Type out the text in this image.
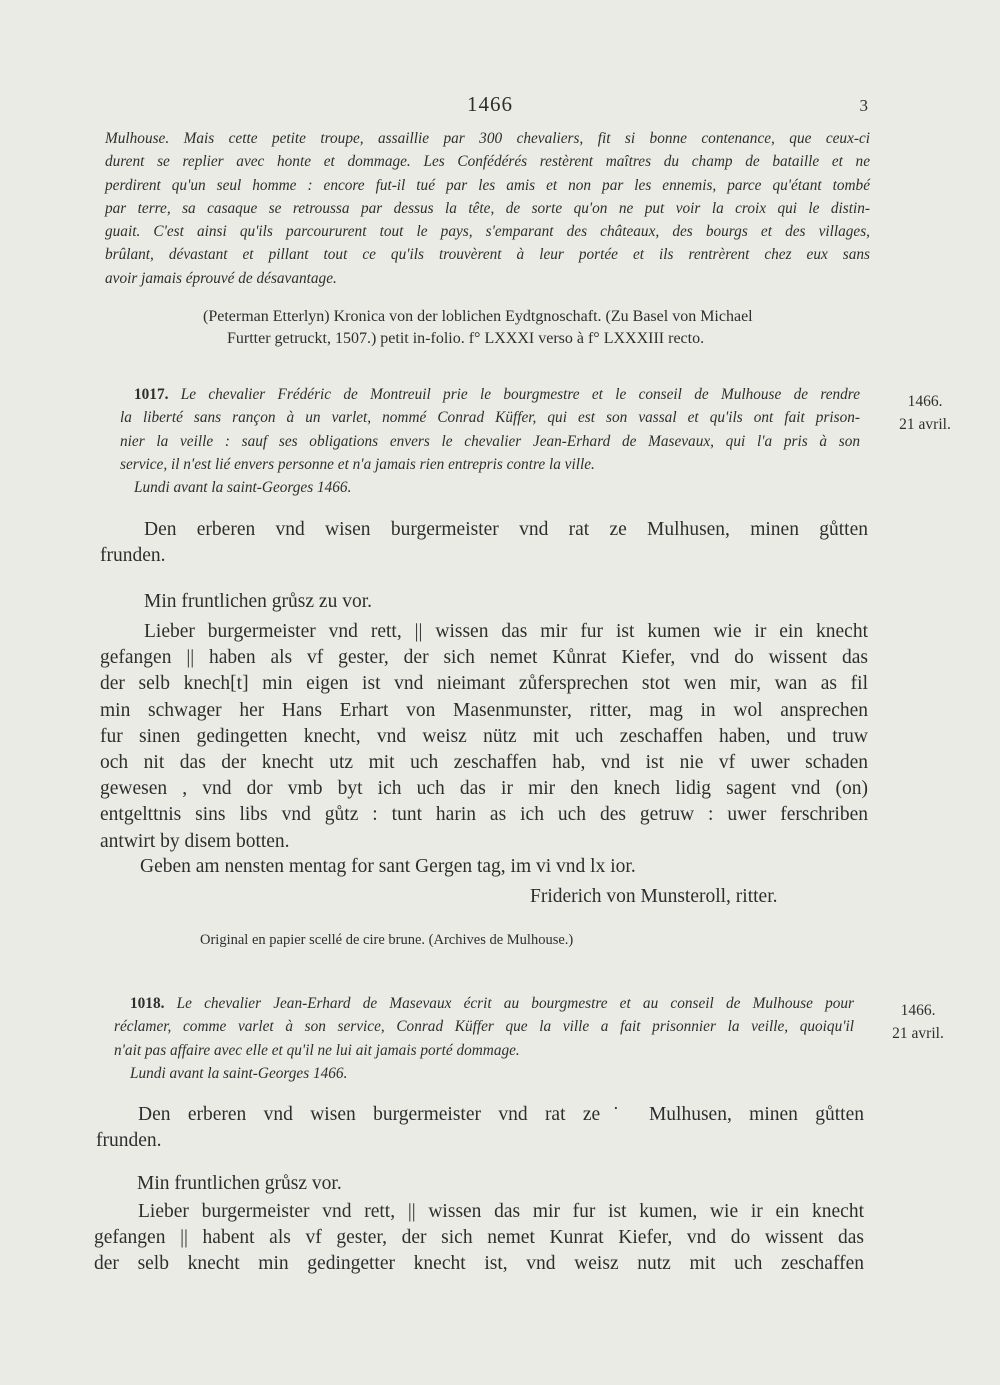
1466	3
Mulhouse. Mais cette petite troupe, assaillie par 300 chevaliers, fit si bonne contenance, que ceux-ci
durent se replier avec honte et dommage. Les Confédérés restèrent maîtres du champ de bataille et ne
perdirent qu'un seul homme : encore fut-il tué par les amis et non par les ennemis, parce qu'étant tombé
par terre, sa casaque se retroussa par dessus la tête, de sorte qu'on ne put voir la croix qui le distin-
guait. C'est ainsi qu'ils parcoururent tout le pays, s'emparant des châteaux, des bourgs et des villages,
brûlant, dévastant et pillant tout ce qu'ils trouvèrent à leur portée et ils rentrèrent chez eux sans
avoir jamais éprouvé de désavantage.
(Peterman Etterlyn) Kronica von der loblichen Eydtgnoschaft. (Zu Basel von Michael
Furtter getruckt, 1507.) petit in-folio. f° LXXXI verso à f° LXXXIII recto.
1017. Le chevalier Frédéric de Montreuil prie le bourgmestre et le conseil de Mulhouse de rendre
la liberté sans rançon à un varlet, nommé Conrad Küffer, qui est son vassal et qu'ils ont fait prison-
nier la veille : sauf ses obligations envers le chevalier Jean-Erhard de Masevaux, qui l'a pris à son
service, il n'est lié envers personne et n'a jamais rien entrepris contre la ville.
Lundi avant la saint-Georges 1466.
1466.
21 avril.
Den erberen vnd wisen burgermeister vnd rat ze Mulhusen, minen gůtten
frunden.
Min fruntlichen grůsz zu vor.
Lieber burgermeister vnd rett, || wissen das mir fur ist kumen wie ir ein knecht
gefangen || haben als vf gester, der sich nemet Kůnrat Kiefer, vnd do wissent das
der selb knech[t] min eigen ist vnd nieimant zůfersprechen stot wen mir, wan as fil
min schwager her Hans Erhart von Masenmunster, ritter, mag in wol ansprechen
fur sinen gedingetten knecht, vnd weisz nütz mit uch zeschaffen haben, und truw
och nit das der knecht utz mit uch zeschaffen hab, vnd ist nie vf uwer schaden
gewesen , vnd dor vmb byt ich uch das ir mir den knech lidig sagent vnd (on)
entgelttnis sins libs vnd gůtz : tunt harin as ich uch des getruw : uwer ferschriben
antwirt by disem botten.
Geben am nensten mentag for sant Gergen tag, im vi vnd lx ior.
Friderich von Munsteroll, ritter.
Original en papier scellé de cire brune. (Archives de Mulhouse.)
1018. Le chevalier Jean-Erhard de Masevaux écrit au bourgmestre et au conseil de Mulhouse pour
réclamer, comme varlet à son service, Conrad Küffer que la ville a fait prisonnier la veille, quoiqu'il
n'ait pas affaire avec elle et qu'il ne lui ait jamais porté dommage.
Lundi avant la saint-Georges 1466.
1466.
21 avril.
Den erberen vnd wisen burgermeister vnd rat ze˙ Mulhusen, minen gůtten
frunden.
Min fruntlichen grůsz vor.
Lieber burgermeister vnd rett, || wissen das mir fur ist kumen, wie ir ein knecht
gefangen || habent als vf gester, der sich nemet Kunrat Kiefer, vnd do wissent das
der selb knecht min gedingetter knecht ist, vnd weisz nutz mit uch zeschaffen
